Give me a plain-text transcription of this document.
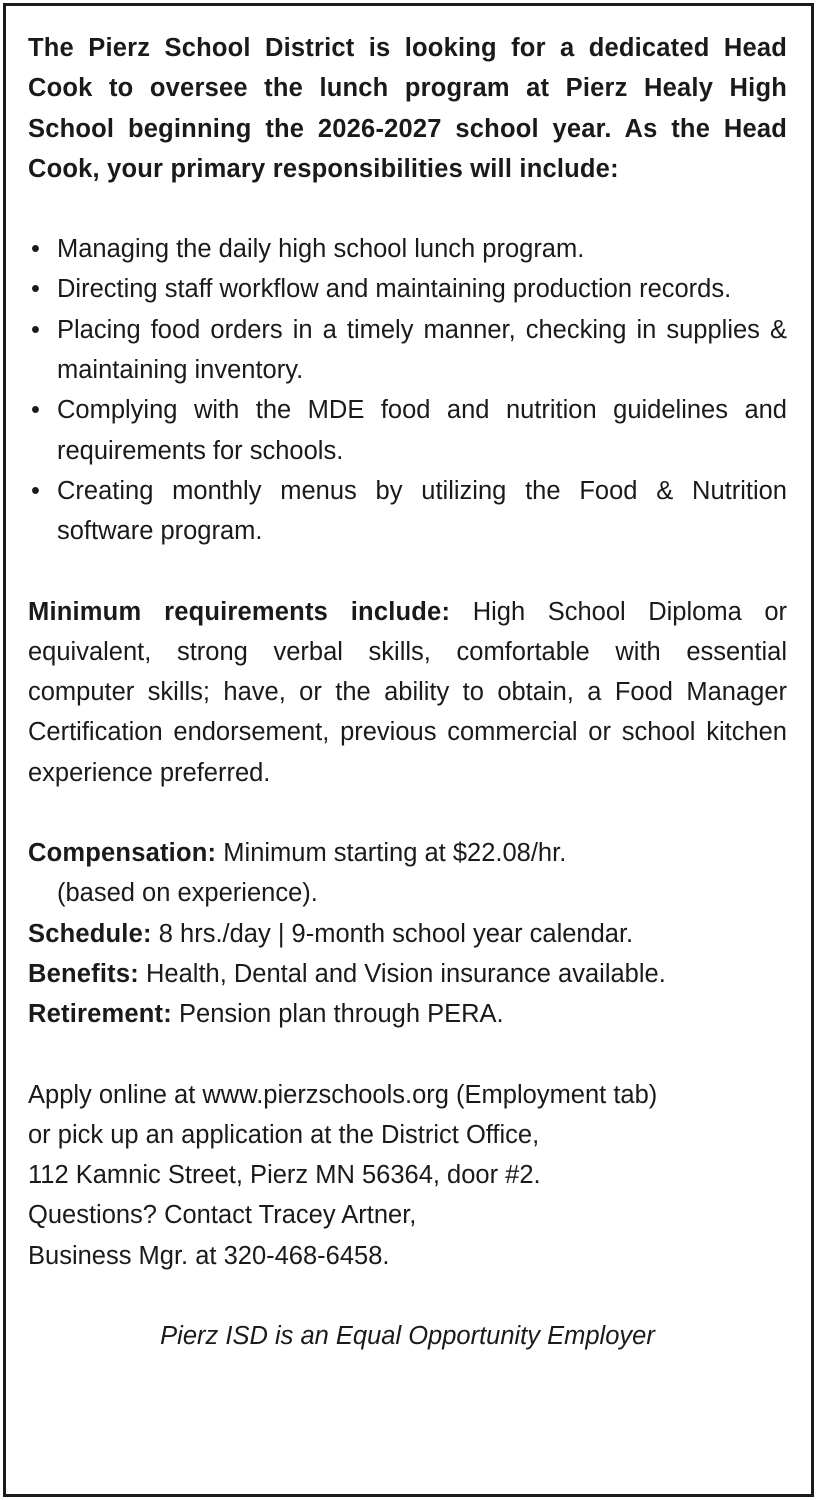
The Pierz School District is looking for a dedicated Head Cook to oversee the lunch program at Pierz Healy High School beginning the 2026-2027 school year. As the Head Cook, your primary responsibilities will include:

• Managing the daily high school lunch program.
• Directing staff workflow and maintaining production records.
• Placing food orders in a timely manner, checking in supplies & maintaining inventory.
• Complying with the MDE food and nutrition guidelines and requirements for schools.
• Creating monthly menus by utilizing the Food & Nutrition software program.

Minimum requirements include: High School Diploma or equivalent, strong verbal skills, comfortable with essential computer skills; have, or the ability to obtain, a Food Manager Certification endorsement, previous commercial or school kitchen experience preferred.

Compensation: Minimum starting at $22.08/hr.
(based on experience).
Schedule: 8 hrs./day | 9-month school year calendar.
Benefits: Health, Dental and Vision insurance available.
Retirement: Pension plan through PERA.
Apply online at www.pierzschools.org (Employment tab)
or pick up an application at the District Office,
112 Kamnic Street, Pierz MN 56364, door #2.
Questions? Contact Tracey Artner,
Business Mgr. at 320-468-6458.

Pierz ISD is an Equal Opportunity Employer
